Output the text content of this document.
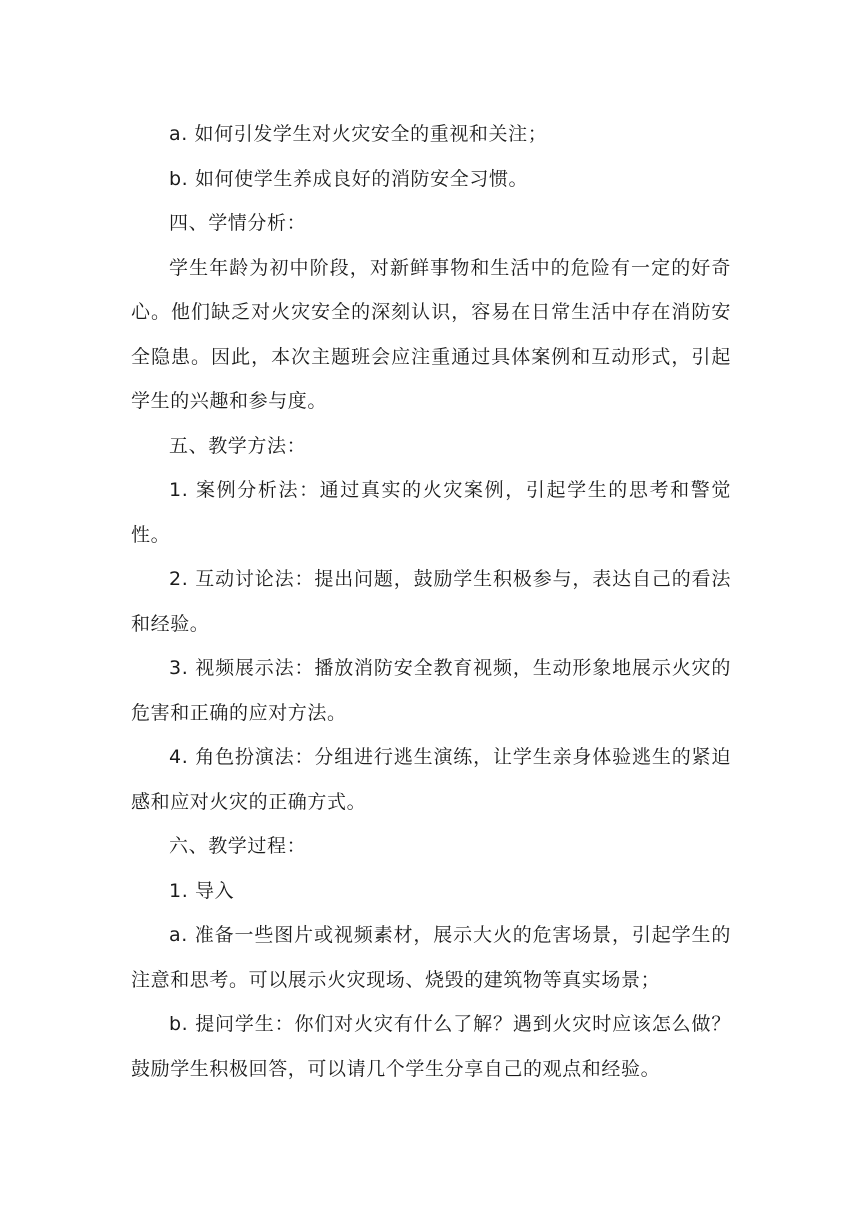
a. 如何引发学生对火灾安全的重视和关注；

b. 如何使学生养成良好的消防安全习惯。

四、学情分析：

学生年龄为初中阶段，对新鲜事物和生活中的危险有一定的好奇心。他们缺乏对火灾安全的深刻认识，容易在日常生活中存在消防安全隐患。因此，本次主题班会应注重通过具体案例和互动形式，引起学生的兴趣和参与度。

五、教学方法：

1. 案例分析法：通过真实的火灾案例，引起学生的思考和警觉性。

2. 互动讨论法：提出问题，鼓励学生积极参与，表达自己的看法和经验。

3. 视频展示法：播放消防安全教育视频，生动形象地展示火灾的危害和正确的应对方法。

4. 角色扮演法：分组进行逃生演练，让学生亲身体验逃生的紧迫感和应对火灾的正确方式。

六、教学过程：

1. 导入

a. 准备一些图片或视频素材，展示大火的危害场景，引起学生的注意和思考。可以展示火灾现场、烧毁的建筑物等真实场景；

b. 提问学生：你们对火灾有什么了解？遇到火灾时应该怎么做？鼓励学生积极回答，可以请几个学生分享自己的观点和经验。
